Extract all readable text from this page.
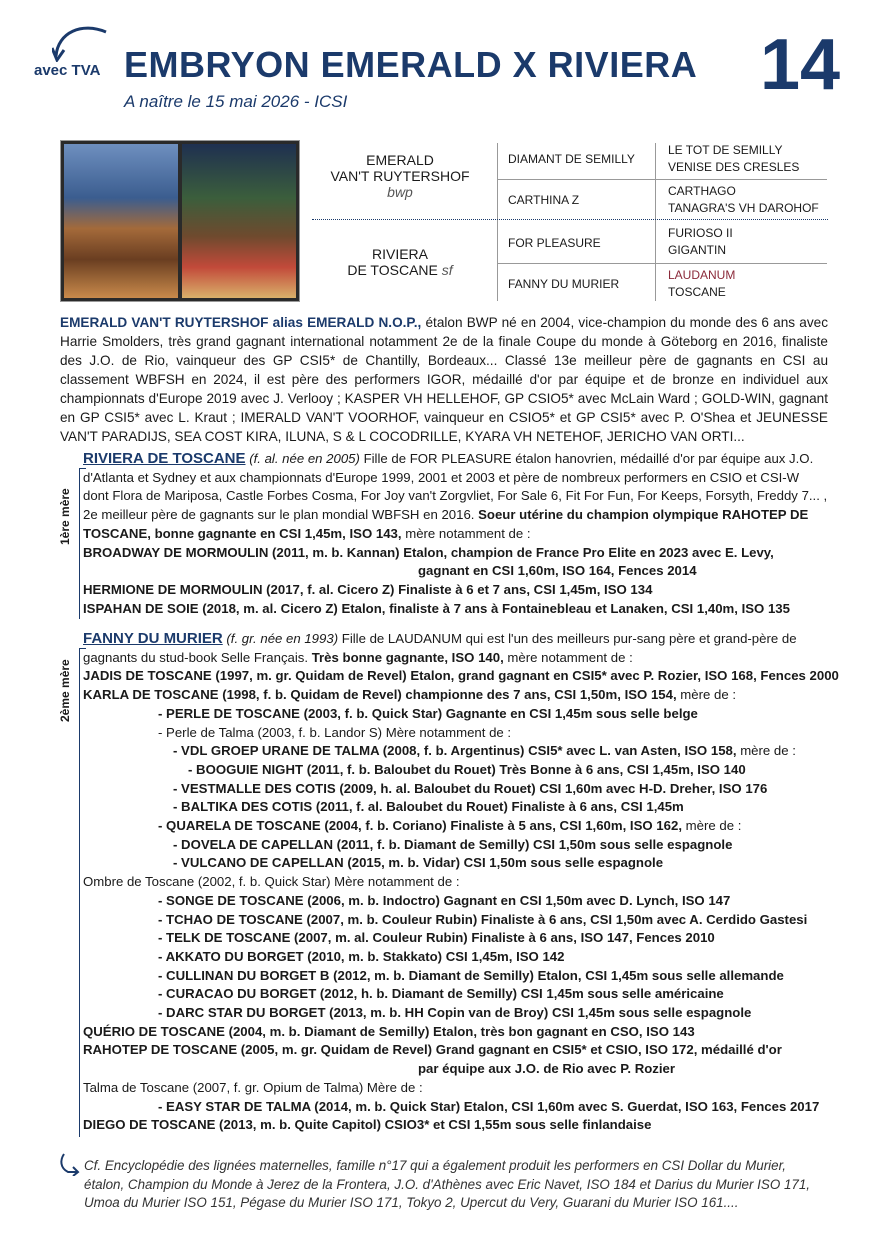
avec TVA EMBRYON EMERALD X RIVIERA
A naître le 15 mai 2026 - ICSI	14
EMERALD
VAN'T RUYTERSHOF
bwp
RIVIERA
DE TOSCANE sf
DIAMANT DE SEMILLY
CARTHINA Z
FOR PLEASURE
FANNY DU MURIER
LE TOT DE SEMILLY
VENISE DES CRESLES
CARTHAGO
TANAGRA'S VH DAROHOF
FURIOSO II
GIGANTIN
LAUDANUM
TOSCANE
EMERALD VAN'T RUYTERSHOF alias EMERALD N.O.P., étalon BWP né en 2004, vice-champion du monde des 6 ans avec Harrie Smolders, très grand gagnant international notamment 2e de la finale Coupe du monde à Göteborg en 2016, finaliste des J.O. de Rio, vainqueur des GP CSI5* de Chantilly, Bordeaux... Classé 13e meilleur père de gagnants en CSI au classement WBFSH en 2024, il est père des performers IGOR, médaillé d'or par équipe et de bronze en individuel aux championnats d'Europe 2019 avec J. Verlooy ; KASPER VH HELLEHOF, GP CSIO5* avec McLain Ward ; GOLD-WIN, gagnant en GP CSI5* avec L. Kraut ; IMERALD VAN'T VOORHOF, vainqueur en CSIO5* et GP CSI5* avec P. O'Shea et JEUNESSE VAN'T PARADIJS, SEA COST KIRA, ILUNA, S & L COCODRILLE, KYARA VH NETEHOF, JERICHO VAN ORTI...
1ère mère
RIVIERA DE TOSCANE (f. al. née en 2005) Fille de FOR PLEASURE étalon hanovrien, médaillé d'or par équipe aux J.O. d'Atlanta et Sydney et aux championnats d'Europe 1999, 2001 et 2003 et père de nombreux performers en CSIO et CSI-W dont Flora de Mariposa, Castle Forbes Cosma, For Joy van't Zorgvliet, For Sale 6, Fit For Fun, For Keeps, Forsyth, Freddy 7... , 2e meilleur père de gagnants sur le plan mondial WBFSH en 2016. Soeur utérine du champion olympique RAHOTEP DE TOSCANE, bonne gagnante en CSI 1,45m, ISO 143, mère notamment de :
BROADWAY DE MORMOULIN (2011, m. b. Kannan) Etalon, champion de France Pro Elite en 2023 avec E. Levy,
gagnant en CSI 1,60m, ISO 164, Fences 2014
HERMIONE DE MORMOULIN (2017, f. al. Cicero Z) Finaliste à 6 et 7 ans, CSI 1,45m, ISO 134
ISPAHAN DE SOIE (2018, m. al. Cicero Z) Etalon, finaliste à 7 ans à Fontainebleau et Lanaken, CSI 1,40m, ISO 135
2ème mère
FANNY DU MURIER (f. gr. née en 1993) Fille de LAUDANUM qui est l'un des meilleurs pur-sang père et grand-père de gagnants du stud-book Selle Français. Très bonne gagnante, ISO 140, mère notamment de :
JADIS DE TOSCANE (1997, m. gr. Quidam de Revel) Etalon, grand gagnant en CSI5* avec P. Rozier, ISO 168, Fences 2000
KARLA DE TOSCANE (1998, f. b. Quidam de Revel) championne des 7 ans, CSI 1,50m, ISO 154, mère de :
- PERLE DE TOSCANE (2003, f. b. Quick Star) Gagnante en CSI 1,45m sous selle belge
- Perle de Talma (2003, f. b. Landor S) Mère notamment de :
- VDL GROEP URANE DE TALMA (2008, f. b. Argentinus) CSI5* avec L. van Asten, ISO 158, mère de :
- BOOGUIE NIGHT (2011, f. b. Baloubet du Rouet) Très Bonne à 6 ans, CSI 1,45m, ISO 140
- VESTMALLE DES COTIS (2009, h. al. Baloubet du Rouet) CSI 1,60m avec H-D. Dreher, ISO 176
- BALTIKA DES COTIS (2011, f. al. Baloubet du Rouet) Finaliste à 6 ans, CSI 1,45m
- QUARELA DE TOSCANE (2004, f. b. Coriano) Finaliste à 5 ans, CSI 1,60m, ISO 162, mère de :
- DOVELA DE CAPELLAN (2011, f. b. Diamant de Semilly) CSI 1,50m sous selle espagnole
- VULCANO DE CAPELLAN (2015, m. b. Vidar) CSI 1,50m sous selle espagnole
Ombre de Toscane (2002, f. b. Quick Star) Mère notamment de :
- SONGE DE TOSCANE (2006, m. b. Indoctro) Gagnant en CSI 1,50m avec D. Lynch, ISO 147
- TCHAO DE TOSCANE (2007, m. b. Couleur Rubin) Finaliste à 6 ans, CSI 1,50m avec A. Cerdido Gastesi
- TELK DE TOSCANE (2007, m. al. Couleur Rubin) Finaliste à 6 ans, ISO 147, Fences 2010
- AKKATO DU BORGET (2010, m. b. Stakkato) CSI 1,45m, ISO 142
- CULLINAN DU BORGET B (2012, m. b. Diamant de Semilly) Etalon, CSI 1,45m sous selle allemande
- CURACAO DU BORGET (2012, h. b. Diamant de Semilly) CSI 1,45m sous selle américaine
- DARC STAR DU BORGET (2013, m. b. HH Copin van de Broy) CSI 1,45m sous selle espagnole
QUÉRIO DE TOSCANE (2004, m. b. Diamant de Semilly) Etalon, très bon gagnant en CSO, ISO 143
RAHOTEP DE TOSCANE (2005, m. gr. Quidam de Revel) Grand gagnant en CSI5* et CSIO, ISO 172, médaillé d'or
par équipe aux J.O. de Rio avec P. Rozier
Talma de Toscane (2007, f. gr. Opium de Talma) Mère de :
- EASY STAR DE TALMA (2014, m. b. Quick Star) Etalon, CSI 1,60m avec S. Guerdat, ISO 163, Fences 2017
DIEGO DE TOSCANE (2013, m. b. Quite Capitol) CSIO3* et CSI 1,55m sous selle finlandaise
Cf. Encyclopédie des lignées maternelles, famille n°17 qui a également produit les performers en CSI Dollar du Murier, étalon, Champion du Monde à Jerez de la Frontera, J.O. d'Athènes avec Eric Navet, ISO 184 et Darius du Murier ISO 171, Umoa du Murier ISO 151, Pégase du Murier ISO 171, Tokyo 2, Upercut du Very, Guarani du Murier ISO 161....
